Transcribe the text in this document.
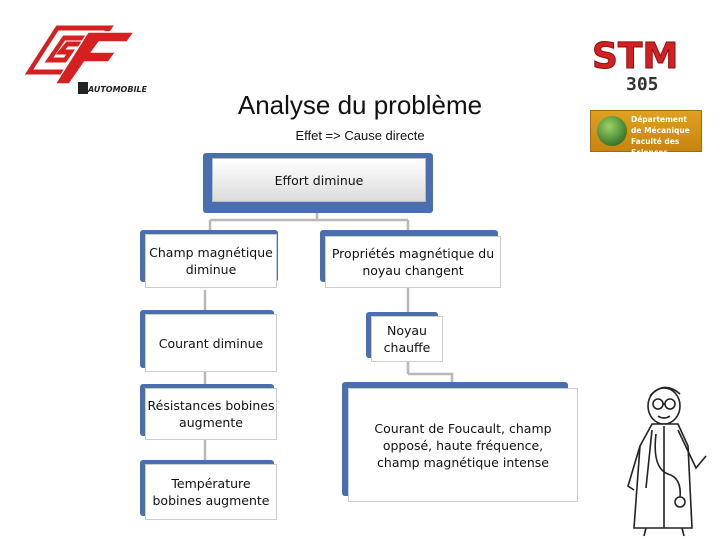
AUTOMOBILE
STM
305
Département
de Mécanique
Faculté des Sciences
Analyse du problème
Effet => Cause directe
Effort diminue
Champ magnétique diminue
Courant diminue
Résistances bobines augmente
Température bobines augmente
Propriétés magnétique du noyau changent
Noyau chauffe
Courant de Foucault, champ opposé, haute fréquence, champ magnétique intense
